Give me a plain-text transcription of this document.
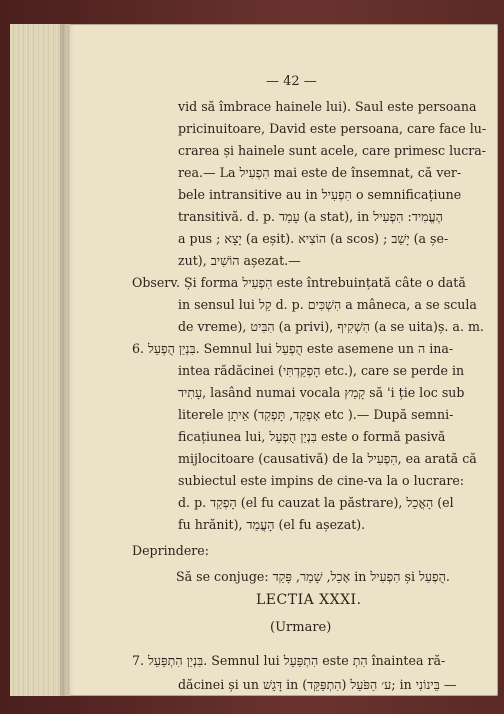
— 42 —
vid să îmbrace hainele lui). Saul este persoana
pricinuitoare, David este persoana, care face lu-
crarea și hainele sunt acele, care primesc lucra-
rea.— La הִפְעִיל mai este de însemnat, că ver-
bele intransitive au in הִפְעִיל o semnificațiune
transitivă. d. p. עָמַד (a stat), in הֶעֱמִיד: הִפְעִיל
a pus ; יָצָא (a eșit). הוֹצִיא (a scos) ; יָשַׁב (a șe-
zut), הוֹשִׁיב așezat.—
Observ. Și forma הִפְעִיל este întrebuințată câte o dată
in sensul lui קַל d. p. הִשְׁכִּים a mâneca, a se scula
de vreme), הִבִּיט (a privi), הִשְׁקִיף (a se uita)ș. a. m.
6. בִּנְיַן הֻפְעַל. Semnul lui הֻפְעַל este asemene un ה ina-
intea rădăcinei (הָפְקַדְתִּי etc.), care se perde in
עָתִיד, lasând numai vocala קָמַץ să 'i ție loc sub
literele אֵיתָן (אָפְקַד, תָּפְקַד etc ).— După semni-
ficațiunea lui, בִּנְיַן הֻפְעַל este o formă pasivă
mijlocitoare (causativă) de la הִפְעִיל, ea arată că
subiectul este impins de cine-va la o lucrare:
d. p. הָפְקַד (el fu cauzat la păstrare), הָאֳכַל (el
fu hrănit), הָעֳמַד (el fu așezat).
Deprindere:
Să se conjuge: אָכַל, שָׁמַר, פָּקַד in הִפְעִיל și הֻפְעַל.
7. בִּנְיַן הִתְפַּעֵל. Semnul lui הִתְפַּעֵל este הִתְ înaintea ră-
dăcinei și un דָּגֵשׁ in ע׳ הַפֹּעַל (הִתְפַּקֵּד); in בֵּינוֹנִי —
LECTIA XXXI.
(Urmare)
